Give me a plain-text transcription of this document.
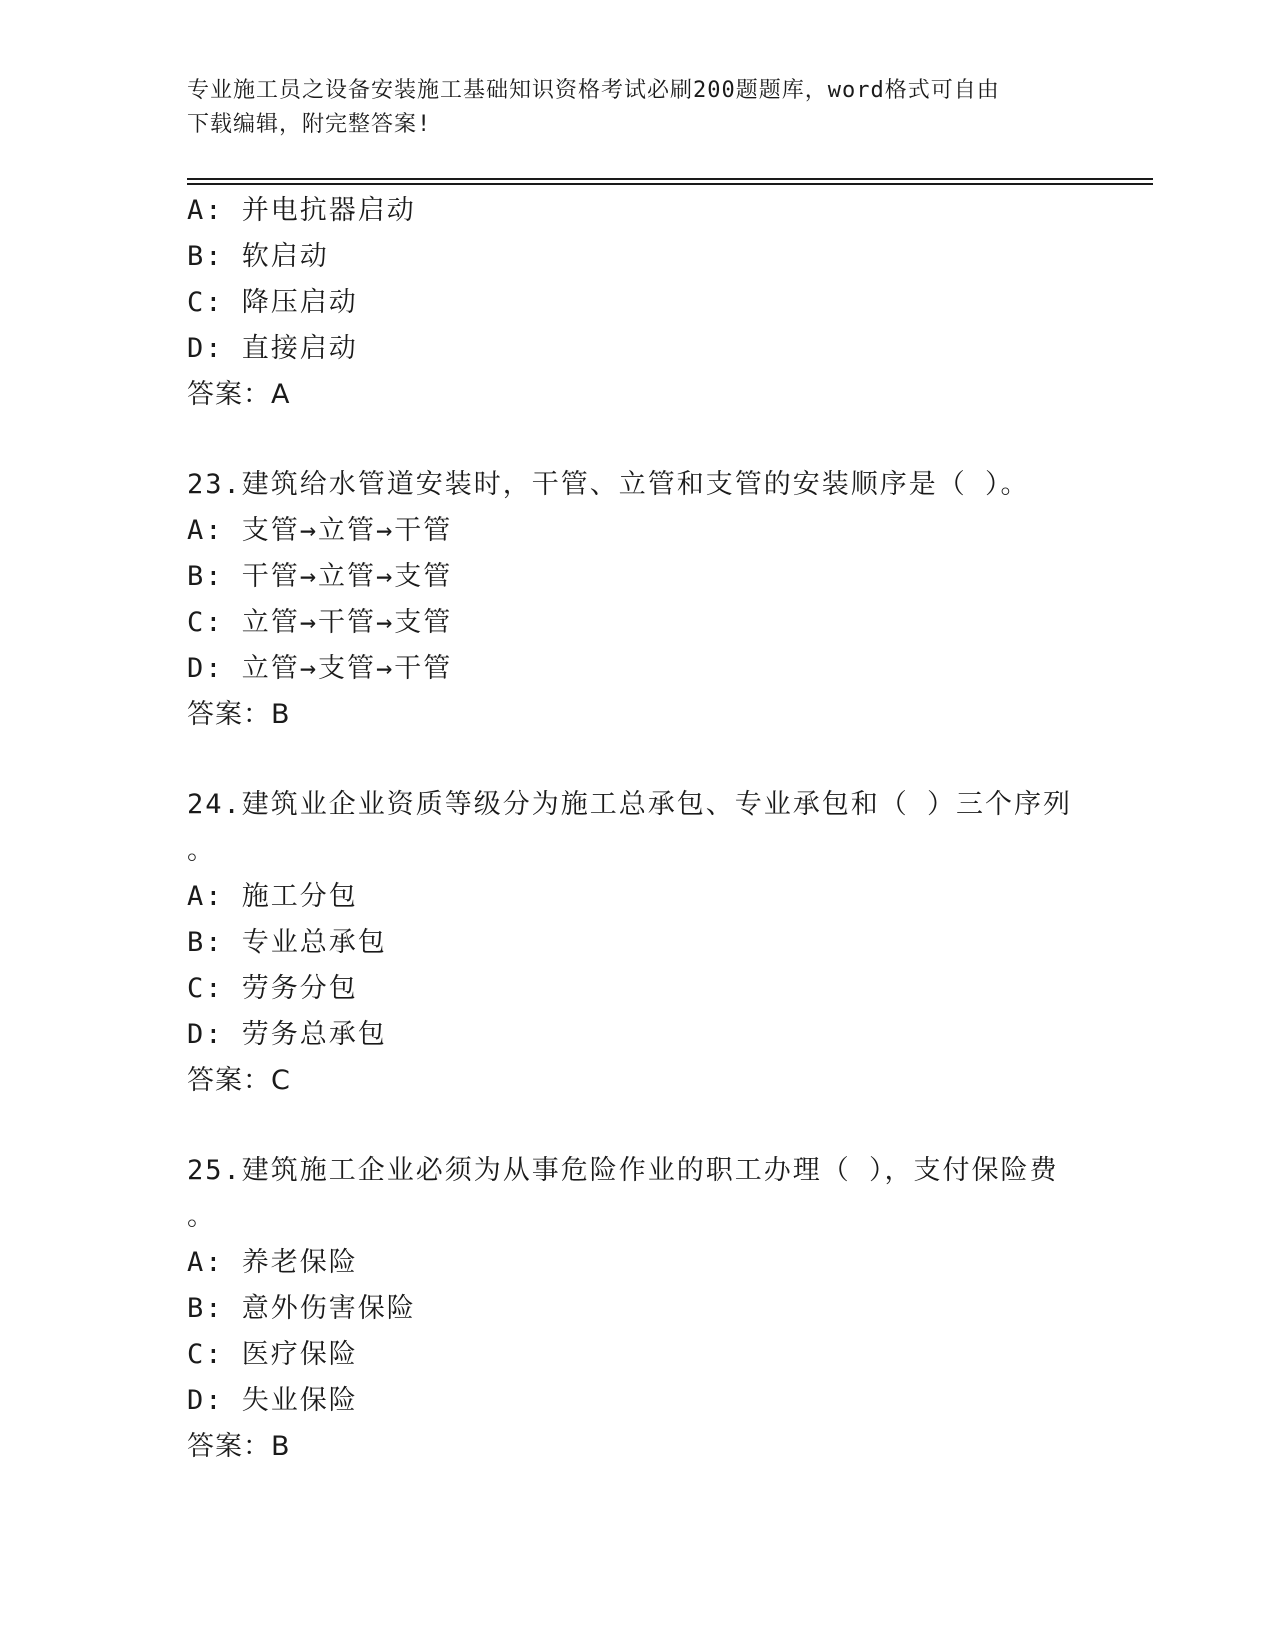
专业施工员之设备安装施工基础知识资格考试必刷200题题库，word格式可自由
下载编辑，附完整答案!
A: 并电抗器启动
B: 软启动
C: 降压启动
D: 直接启动
答案：A
23.建筑给水管道安装时，干管、立管和支管的安装顺序是（ ）。
A: 支管→立管→干管
B: 干管→立管→支管
C: 立管→干管→支管
D: 立管→支管→干管
答案：B
24.建筑业企业资质等级分为施工总承包、专业承包和（ ）三个序列
。
A: 施工分包
B: 专业总承包
C: 劳务分包
D: 劳务总承包
答案：C
25.建筑施工企业必须为从事危险作业的职工办理（ ），支付保险费
。
A: 养老保险
B: 意外伤害保险
C: 医疗保险
D: 失业保险
答案：B
